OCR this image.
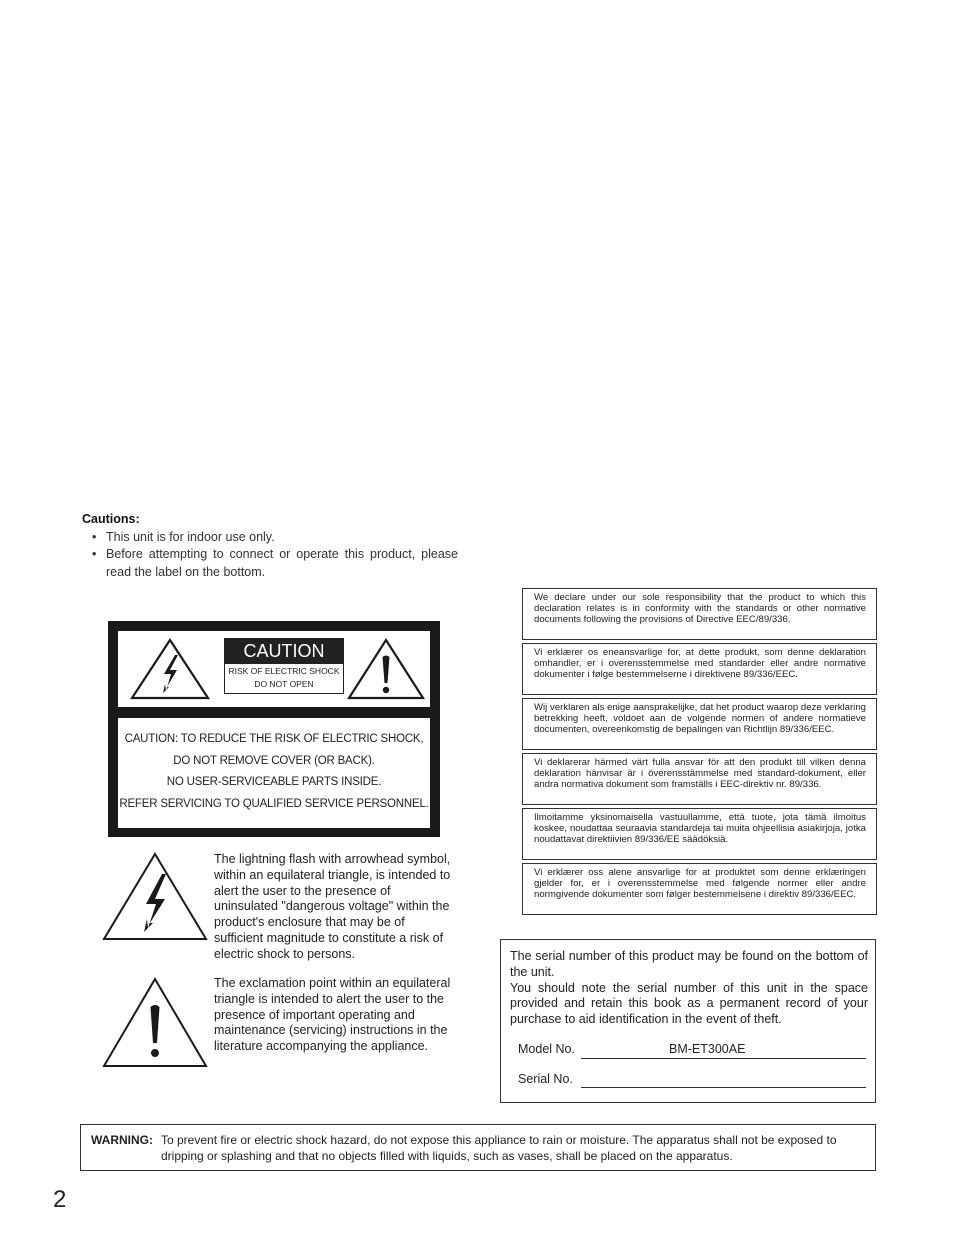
Cautions:
• This unit is for indoor use only.
• Before attempting to connect or operate this product, please read the label on the bottom.
CAUTION
RISK OF ELECTRIC SHOCK
DO NOT OPEN
CAUTION: TO REDUCE THE RISK OF ELECTRIC SHOCK,
DO NOT REMOVE COVER (OR BACK).
NO USER-SERVICEABLE PARTS INSIDE.
REFER SERVICING TO QUALIFIED SERVICE PERSONNEL.
The lightning flash with arrowhead symbol, within an equilateral triangle, is intended to alert the user to the presence of uninsulated "dangerous voltage" within the product's enclosure that may be of sufficient magnitude to constitute a risk of electric shock to persons.
The exclamation point within an equilateral triangle is intended to alert the user to the presence of important operating and maintenance (servicing) instructions in the literature accompanying the appliance.
We declare under our sole responsibility that the product to which this declaration relates is in conformity with the standards or other normative documents following the provisions of Directive EEC/89/336.
Vi erklærer os eneansvarlige for, at dette produkt, som denne deklaration omhandler, er i overensstemmelse med standarder eller andre normative dokumenter i følge bestemmelserne i direktivene 89/336/EEC.
Wij verklaren als enige aansprakelijke, dat het product waarop deze verklaring betrekking heeft, voldoet aan de volgende normen of andere normatieve documenten, overeenkomstig de bepalingen van Richtlijn 89/336/EEC.
Vi deklarerar härmed värt fulla ansvar för att den produkt till vilken denna deklaration hänvisar är i överensstämmelse med standard-dokument, eller andra normativa dokument som framställs i EEC-direktiv nr. 89/336.
Ilmoitamme yksinomaisella vastuullamme, että tuote, jota tämä ilmoitus koskee, noudattaa seuraavia standardeja tai muita ohjeellisia asiakirjoja, jotka noudattavat direktiivien 89/336/EE säädöksiä.
Vi erklærer oss alene ansvarlige for at produktet som denne erklæringen gjelder for, er i overensstemmelse med følgende normer eller andre normgivende dokumenter som følger bestemmelsene i direktiv 89/336/EEC.
The serial number of this product may be found on the bottom of the unit.
You should note the serial number of this unit in the space provided and retain this book as a permanent record of your purchase to aid identification in the event of theft.
Model No.	BM-ET300AE
Serial No.
WARNING: To prevent fire or electric shock hazard, do not expose this appliance to rain or moisture. The apparatus shall not be exposed to dripping or splashing and that no objects filled with liquids, such as vases, shall be placed on the apparatus.
2
